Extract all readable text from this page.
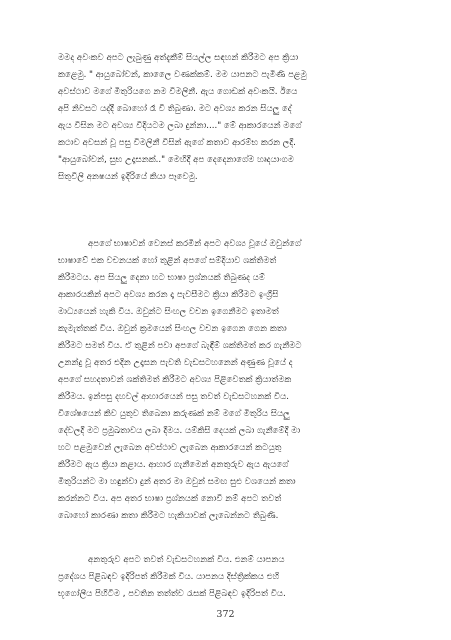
මමද අවංකව අපට ලැබුණු අත්දැකීම් සියල්ල සඳහන් කිරීමට අප ක්‍රියා
කළෙමු. " ආයුබෝවන්, කාලෙ‍ෙ වණක්කම්. මම යාපනට පැමිණි පළමු
අවස්ථාව මගේ මිතුරියගෙ නම විමලිනී. ඇය ගොඩක් අවංකයි. ඊයෙ
අපි නිවසට යද්දී බොහෝ රෑ වී තිබුණා. මට අවශ්‍ය කරන සියලු දේ
ඇය විසින මට අවශ්‍ය විදියටම ලබා දුන්නා...." මේ ආකාරයෙන් මගේ
කථාව අවසන් වූ පසු විමලිනී විසින් ඇගේ කතාව ආරම්භ කරන ලදී.
"ආයුබෝවන්, සුභ උදෑසනක්.." මෙහිදී අප දෙදෙනාගේම හෘදයාංගම
සිතුවිලි අනෂයන් ඉදිරියේ කියා පෑවෙමු.
අපගේ භාෂාවන් වෙනස් කරමින් අපට අවශ්‍ය වූයේ ඔවුන්ගේ
භාෂාවේ එක වචනයක් හෝ තුළින් අපගේ සම්දියාව ශක්තිමත්
කිරීමටය. අප සියලු දෙනා හට භාෂා ප්‍රශ්නයක් තිබුණද යම්
ආකාරයකින් අපට අවශ්‍ය කරන දෑ පැවසීමට ක්‍රියා කිරීමට ඉංග්‍රීසි
මාධ්‍යයෙන් හැකි විය. ඔවුන්ට සිංහල වචන ඉගෙනීමට ඉතාමත්
කැමැත්තක් විය. ඔවුන් ක්‍රමයෙන් සිංහල වචන ඉගෙන ගෙන කතා
කිරීමට සමත් විය. ඒ තුළින් පවා අපගේ බැඳීම් ශක්තිමත් කර ගැනීමට
උනන්දු වූ අතර එදින උදෑසන පැවති වැඩසටහනෙන් අණුණ වූයේ ද
අපගේ සහදතාවන් ශක්තිමත් කිරීමට අවශ්‍ය පිළිවෙතක් ක්‍රියාත්මක
කිරීමය. ඉන්පසු දහවල් ආහාරයෙන් පසු තවත් වැඩසටහනක් විය.
විශේෂයෙන් කිව යුතුව තිබෙනා කරුණක් නම් මගේ මිතුරිය සියලු
දේවලදී මට ප්‍රමුඛතාවය ලබා දීමය. යම්කිසි දෙයක් ලබා ගැනීමේදී මා
හට පළමුවෙන් ලැබෙන අවස්ථාව ලැබෙන ආකාරයෙන් කටයුතු
කිරීමට ඇය ක්‍රියා කළාය. ආහාර ගැනීමෙන් අනතුරුව ඇය ඇයගේ
මිතුරියන්ට මා හඳුන්වා දුන් අතර මා ඔවුන් සමඟ සුළු වශයෙන් කතා
කරන්නට විය. අප අතර භාෂා ප්‍රශ්නයක් නොවී නම් අපට තවත්
බොහෝ කාරණා කතා කිරීමට හැකියාවක් ලැබෙන්නට තිබුණි.
අනතුරුව අපට තවත් වැඩසටහනක් විය. එනම් යාපනය
ප්‍රදේශය පිළිබඳව ඉදිරිපත් කිරීමක් විය. යාපනය දිස්ත්‍රික්කය එහි
භූගෝලීය පිහිටීම , පවතින තත්ත්ව රැසක් පිළිබඳව ඉදිරිපත් විය.
372
